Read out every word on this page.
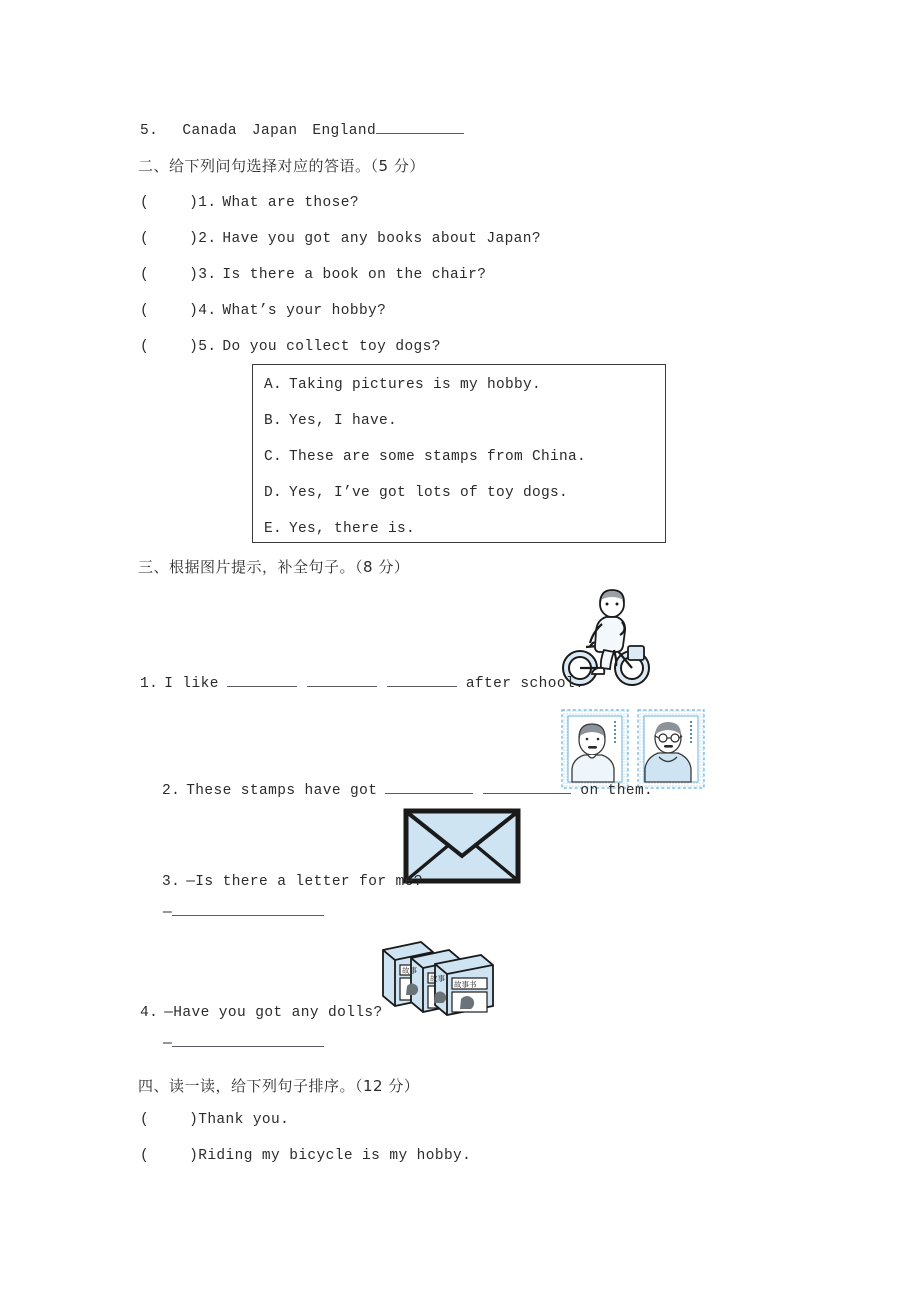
5. Canada Japan England
二、给下列问句选择对应的答语。（5 分）
(	)1. What are those?
(	)2. Have you got any books about Japan?
(	)3. Is there a book on the chair?
(	)4. What’s your hobby?
(	)5. Do you collect toy dogs?
A. Taking pictures is my hobby.
B. Yes, I have.
C. These are some stamps from China.
D. Yes, I’ve got lots of toy dogs.
E. Yes, there is.
三、根据图片提示，补全句子。（8 分）
1. I like	after school.
2. These stamps have got	on them.
3. —Is there a letter for me?
—
故事
故事
故事书
4. —Have you got any dolls?
—
四、读一读，给下列句子排序。（12 分）
(	)Thank you.
(	)Riding my bicycle is my hobby.
